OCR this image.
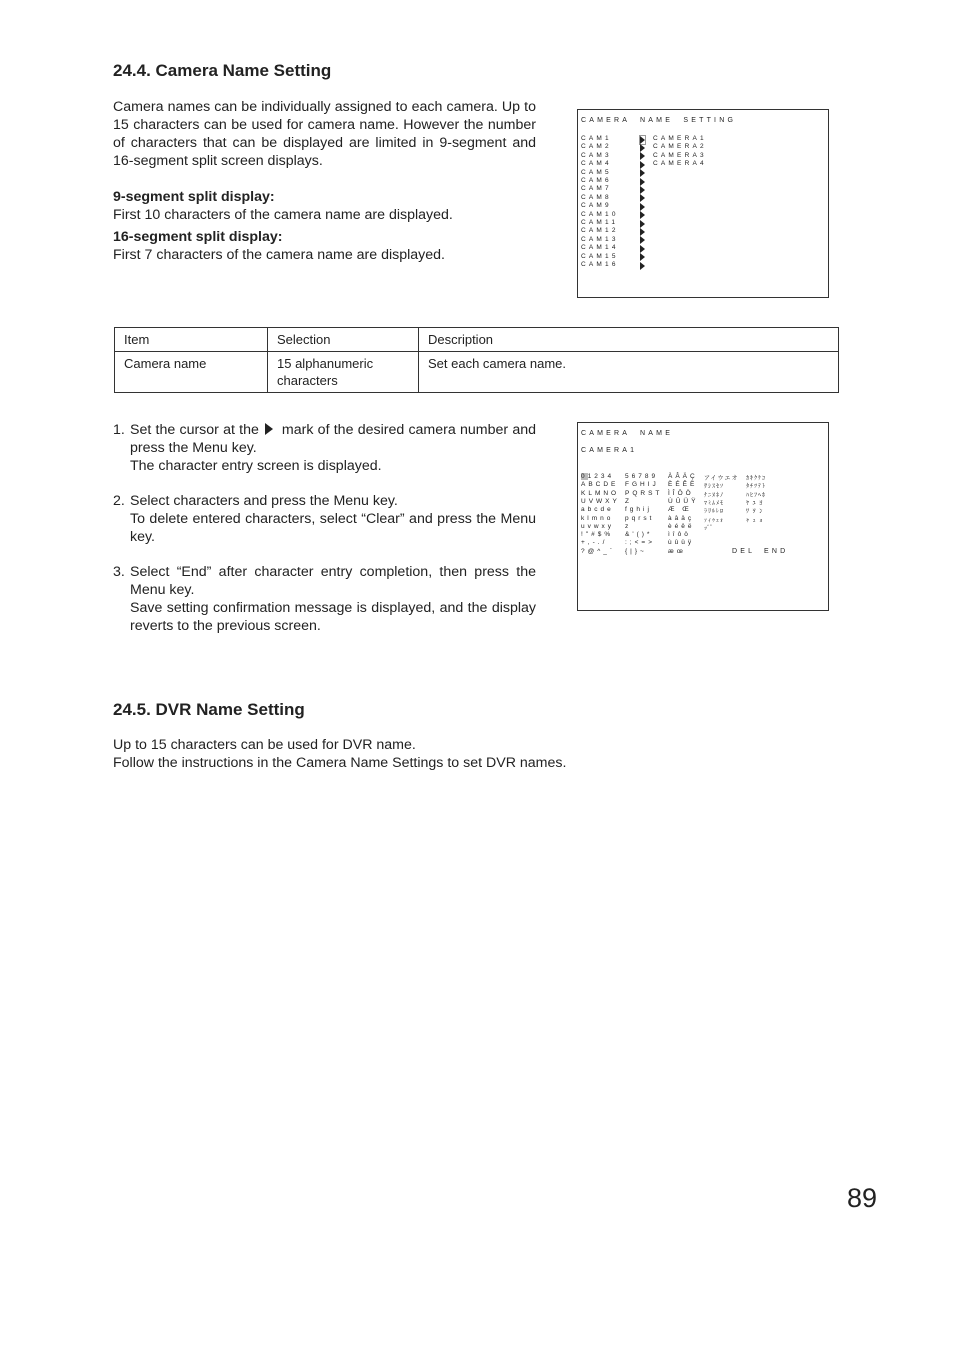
24.4. Camera Name Setting

Camera names can be individually assigned to each camera. Up to 15 characters can be used for camera name. However the number of characters that can be displayed are limited in 9-segment and 16-segment split screen displays.

9-segment split display:
First 10 characters of the camera name are displayed.
16-segment split display:
First 7 characters of the camera name are displayed.
CAMERA  NAME  SETTING
CAM1	CAMERA1
CAM2	CAMERA2
CAM3	CAMERA3
CAM4	CAMERA4
CAM5
CAM6
CAM7
CAM8
CAM9
CAM10
CAM11
CAM12
CAM13
CAM14
CAM15
CAM16
Item	Selection	Description
Camera name	15 alphanumeric characters	Set each camera name.
1. Set the cursor at the mark of the desired camera number and press the Menu key.
The character entry screen is displayed.
2. Select characters and press the Menu key.
To delete entered characters, select “Clear” and press the Menu key.
3. Select “End” after character entry completion, then press the Menu key.
Save setting confirmation message is displayed, and the display reverts to the previous screen.
CAMERA  NAME
CAMERA1
01234
ABCDE
KLMNO
UVWXY
abcde
klmno
uvwxy
!"#$%
+,-./
?@^_`
56789
FGHIJ
PQRST
Z
fghij
pqrst
z
&'()*
:;<=>
{|}~
ÀÂÄÇ
ÈÉÊË
ÌÎÔÖ
ÙÛÜŸ
Æ Œ
àâäç
èéêë
ìîôö
ùûüÿ
æœ
アイウエオ
ｻｼｽｾｿ
ﾅﾆﾇﾈﾉ
ﾏﾐﾑﾒﾓ
ﾗﾘﾙﾚﾛ
ｧｨｩｪｫ
ｯﾞﾟ
ｶｷｸｹｺ
ﾀﾁﾂﾃﾄ
ﾊﾋﾌﾍﾎ
ﾔ ﾕ ﾖ
ﾜ ｦ ﾝ
ｬ ｭ ｮ
DEL END
24.5. DVR Name Setting
Up to 15 characters can be used for DVR name.
Follow the instructions in the Camera Name Settings to set DVR names.
89
